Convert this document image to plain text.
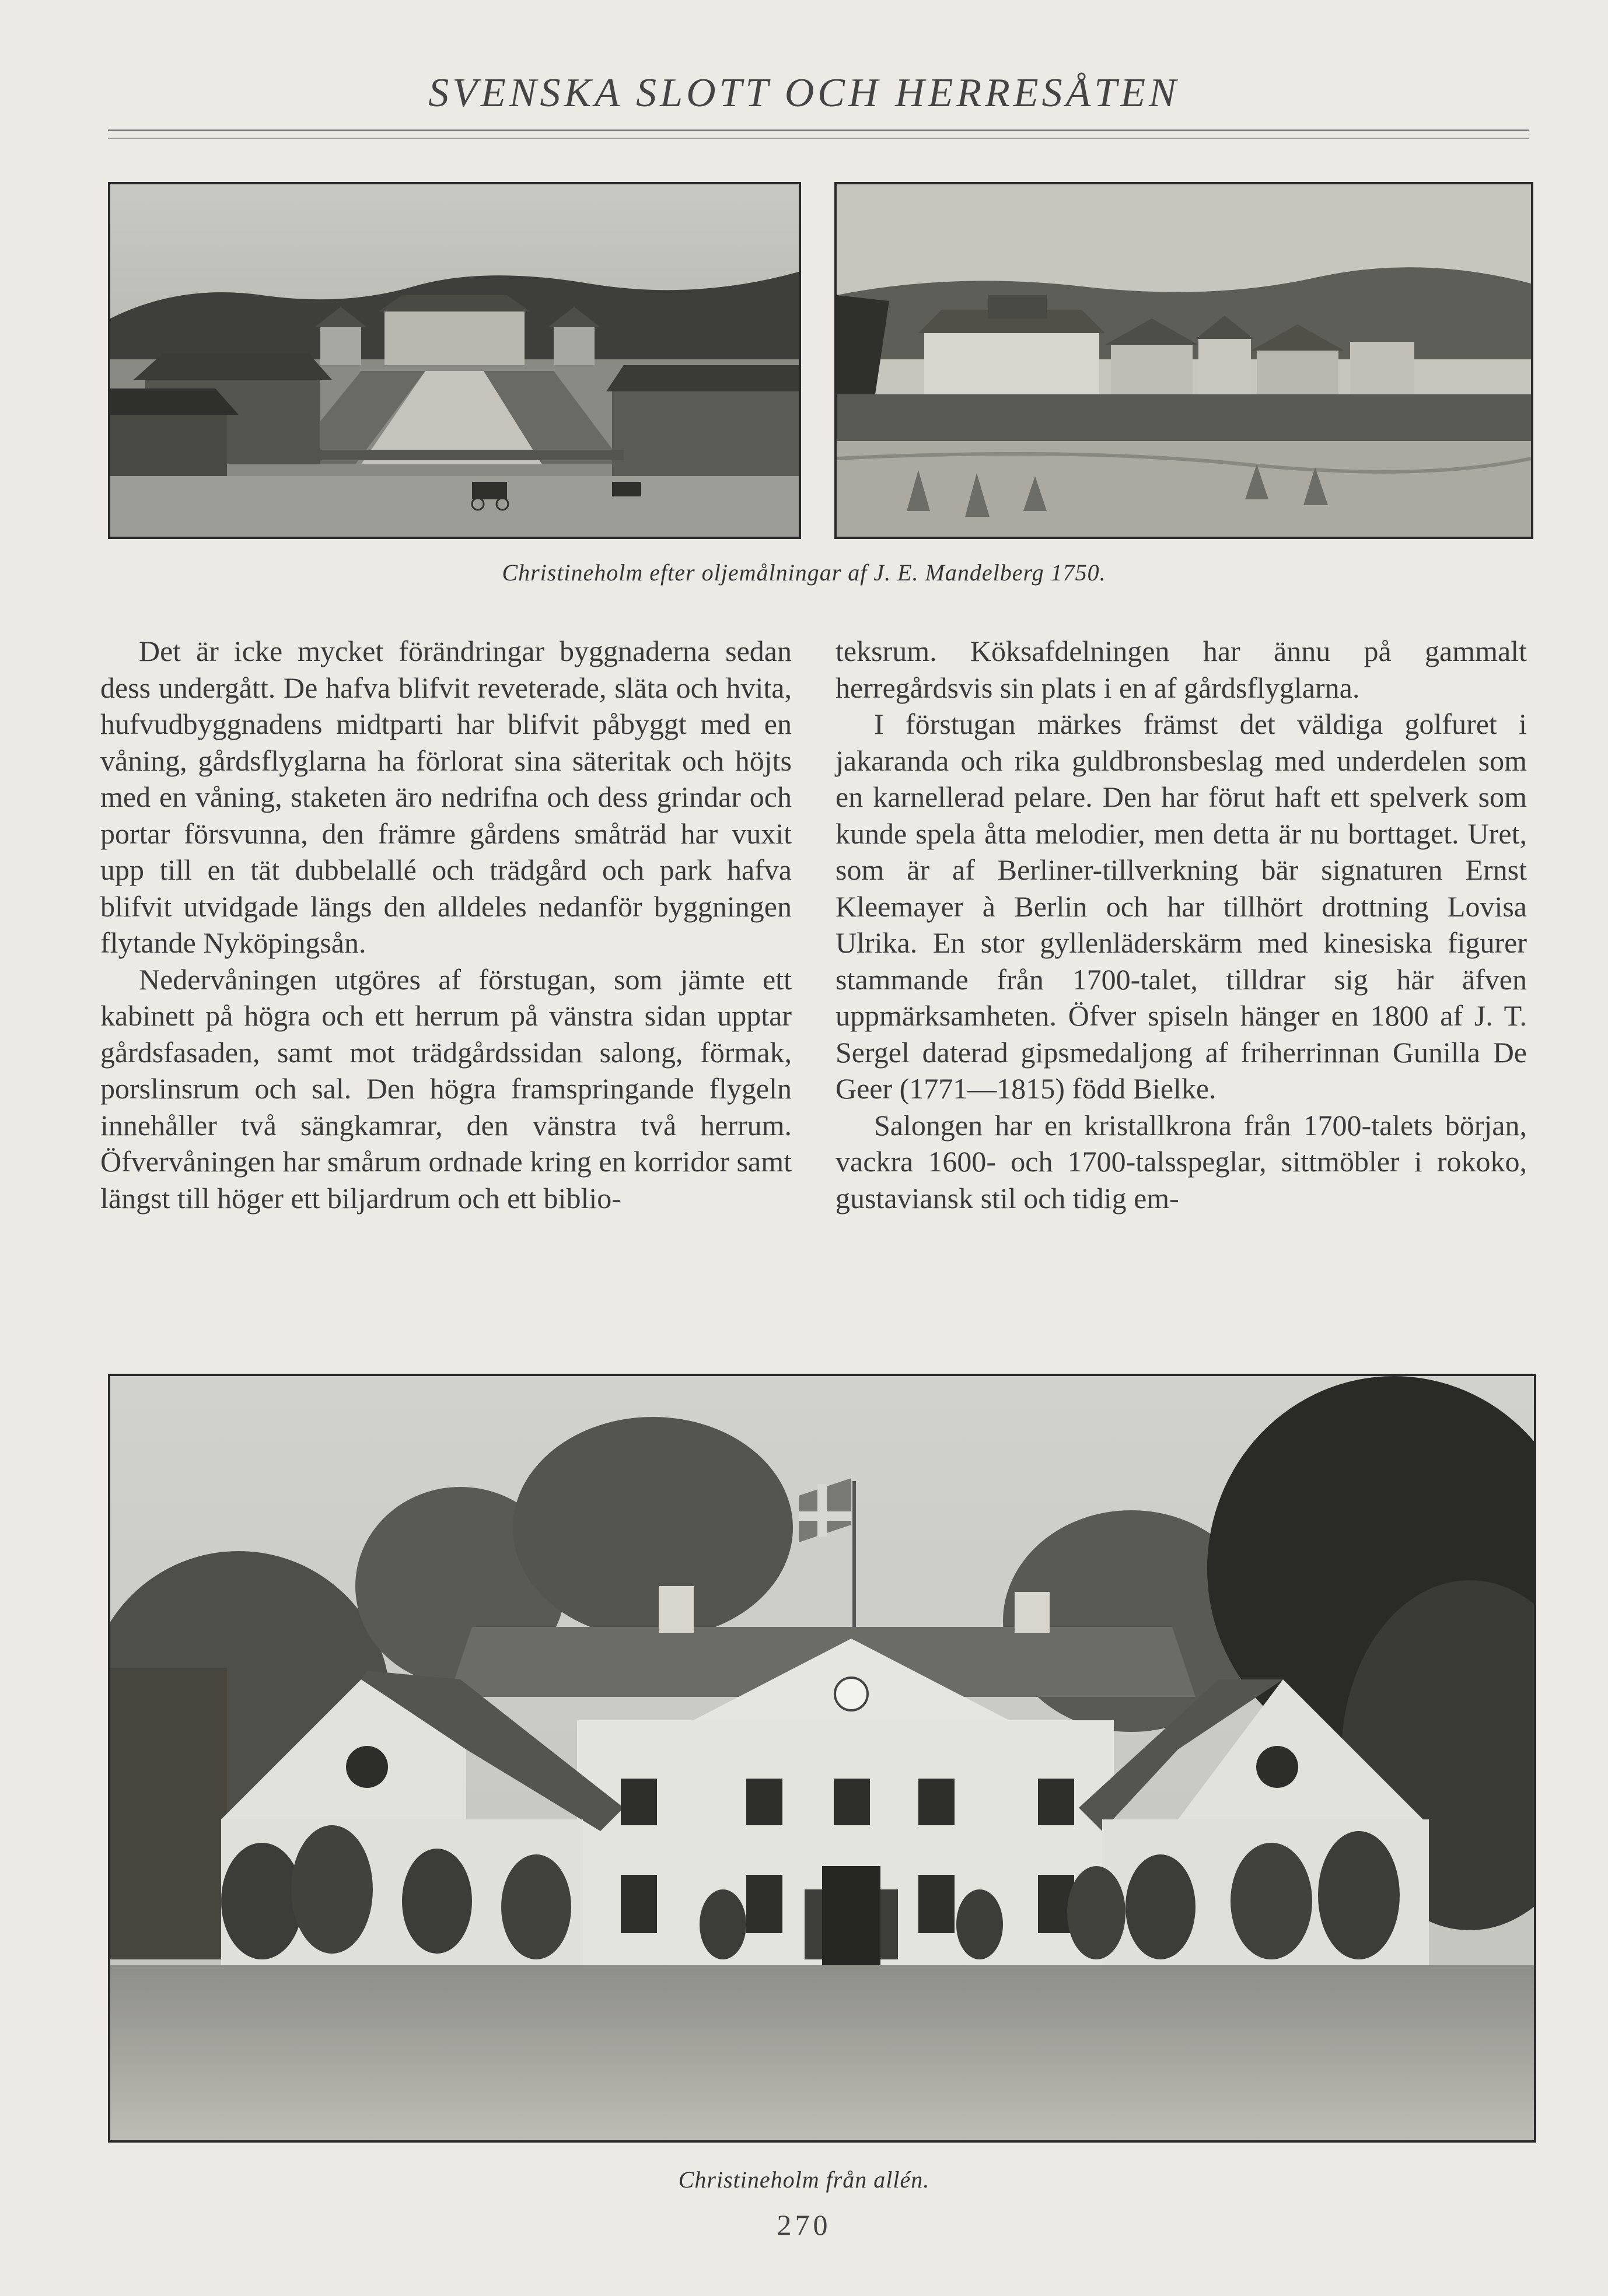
SVENSKA SLOTT OCH HERRESÅTEN
Christineholm efter oljemålningar af J. E. Mandelberg 1750.

Det är icke mycket förändringar byggnaderna sedan dess undergått. De hafva blifvit reveterade, släta och hvita, hufvudbyggnadens midtparti har blifvit påbyggt med en våning, gårdsflyglarna ha förlorat sina säteritak och höjts med en våning, staketen äro nedrifna och dess grindar och portar försvunna, den främre gårdens småträd har vuxit upp till en tät dubbelallé och trädgård och park hafva blifvit utvidgade längs den alldeles nedanför byggningen flytande Nyköpingsån.

Nedervåningen utgöres af förstugan, som jämte ett kabinett på högra och ett herrum på vänstra sidan upptar gårdsfasaden, samt mot trädgårdssidan salong, förmak, porslinsrum och sal. Den högra framspringande flygeln innehåller två sängkamrar, den vänstra två herrum. Öfvervåningen har smårum ordnade kring en korridor samt längst till höger ett biljardrum och ett biblio-

teksrum. Köksafdelningen har ännu på gammalt herregårdsvis sin plats i en af gårdsflyglarna.

I förstugan märkes främst det väldiga golfuret i jakaranda och rika guldbronsbeslag med underdelen som en karnellerad pelare. Den har förut haft ett spelverk som kunde spela åtta melodier, men detta är nu borttaget. Uret, som är af Berliner-tillverkning bär signaturen Ernst Kleemayer à Berlin och har tillhört drottning Lovisa Ulrika. En stor gyllenläderskärm med kinesiska figurer stammande från 1700-talet, tilldrar sig här äfven uppmärksamheten. Öfver spiseln hänger en 1800 af J. T. Sergel daterad gipsmedaljong af friherrinnan Gunilla De Geer (1771—1815) född Bielke.

Salongen har en kristallkrona från 1700-talets början, vackra 1600- och 1700-talsspeglar, sittmöbler i rokoko, gustaviansk stil och tidig em-

Christineholm från allén.
270
